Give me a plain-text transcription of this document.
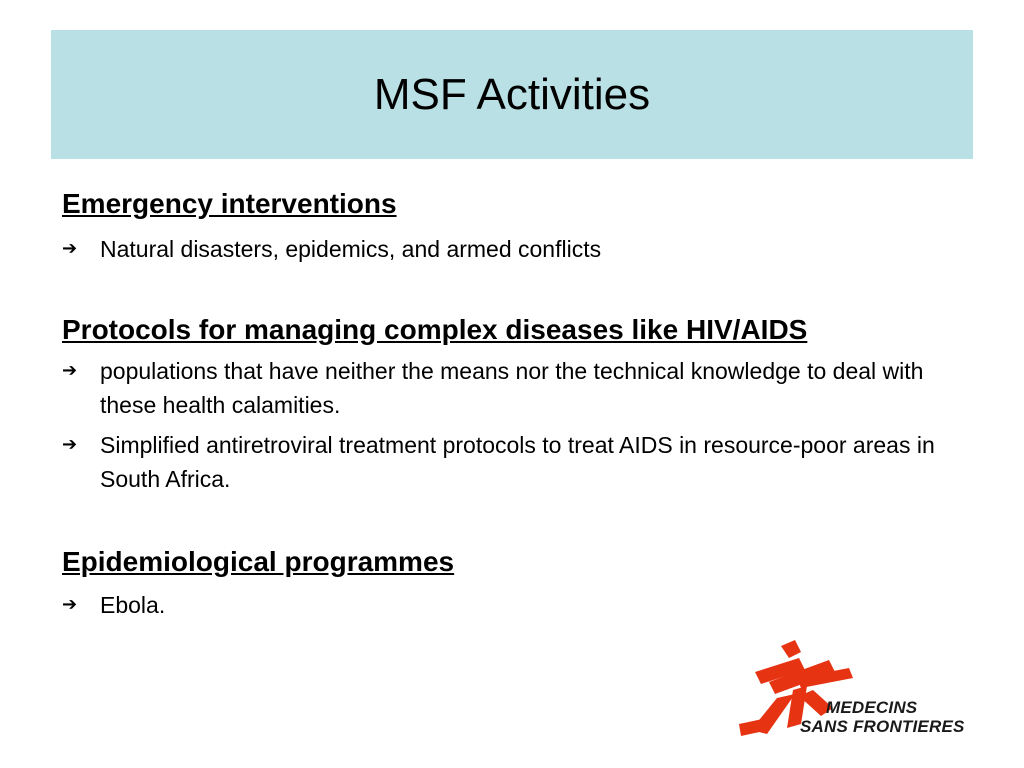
MSF Activities

Emergency interventions

➔ Natural disasters, epidemics, and armed conflicts

Protocols for managing complex diseases like HIV/AIDS

➔ populations that have neither the means nor the technical knowledge to deal with these health calamities.
➔ Simplified antiretroviral treatment protocols to treat AIDS in resource-poor areas in South Africa.

Epidemiological programmes

➔ Ebola.
MEDECINS
SANS FRONTIERES
